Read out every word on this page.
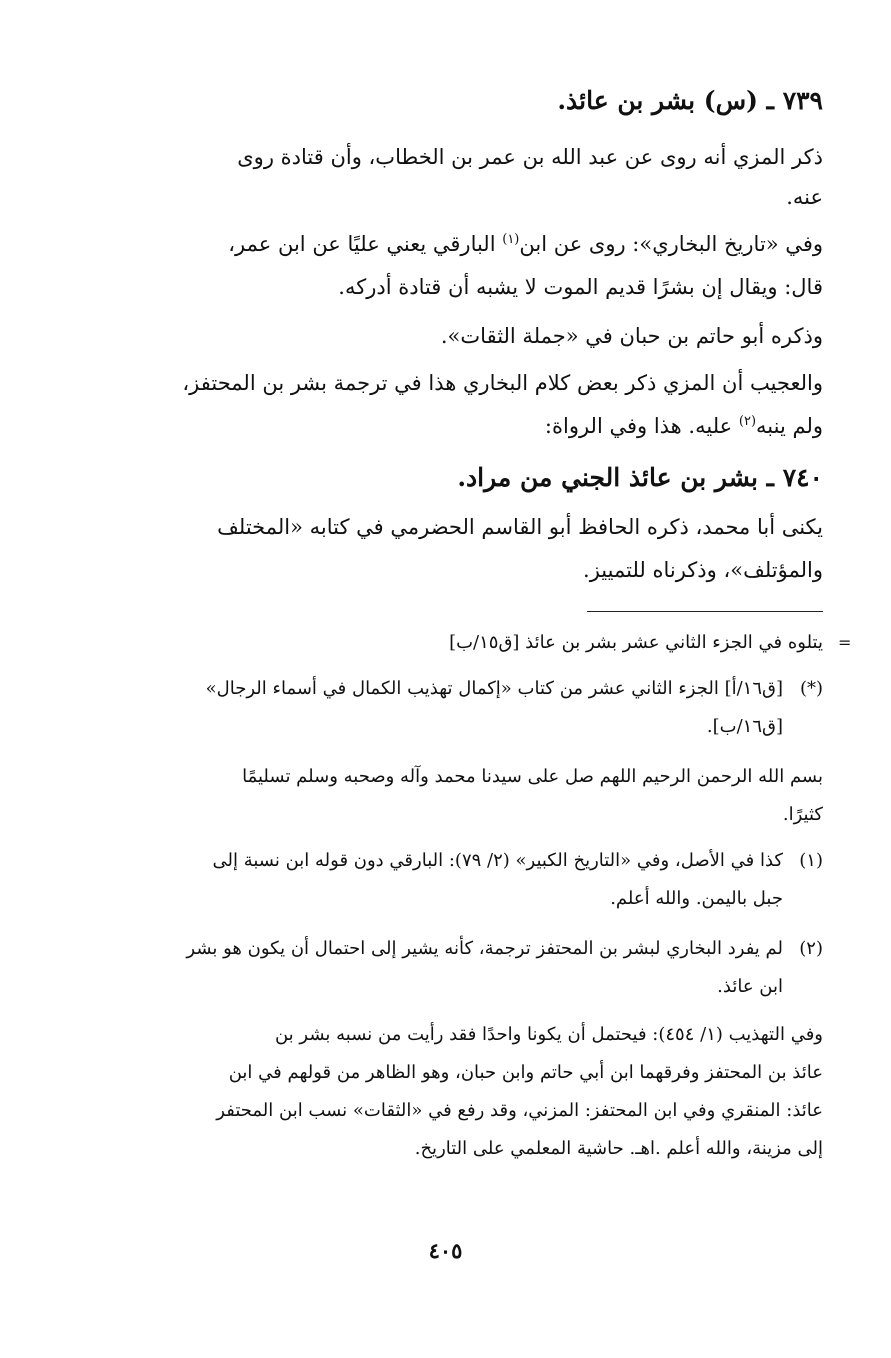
٧٣٩ ـ (س) بشر بن عائذ.
ذكر المزي أنه روى عن عبد الله بن عمر بن الخطاب، وأن قتادة روى
عنه.
وفي «تاريخ البخاري»: روى عن ابن$^{(١)}$ البارقي يعني عليًا عن ابن عمر،
قال: ويقال إن بشرًا قديم الموت لا يشبه أن قتادة أدركه.
وذكره أبو حاتم بن حبان في «جملة الثقات».
والعجيب أن المزي ذكر بعض كلام البخاري هذا في ترجمة بشر بن المحتفز،
ولم ينبه$^{(٢)}$ عليه. هذا وفي الرواة:
٧٤٠ ـ بشر بن عائذ الجني من مراد.
يكنى أبا محمد، ذكره الحافظ أبو القاسم الحضرمي في كتابه «المختلف
والمؤتلف»، وذكرناه للتمييز.
=
يتلوه في الجزء الثاني عشر بشر بن عائذ [ق١٥/ب]
(*)
[ق١٦/أ] الجزء الثاني عشر من كتاب «إكمال تهذيب الكمال في أسماء الرجال»
[ق١٦/ب].
بسم الله الرحمن الرحيم اللهم صل على سيدنا محمد وآله وصحبه وسلم تسليمًا
كثيرًا.
(١)
كذا في الأصل، وفي «التاريخ الكبير» (٢/ ٧٩): البارقي دون قوله ابن نسبة إلى
جبل باليمن. والله أعلم.
(٢)
لم يفرد البخاري لبشر بن المحتفز ترجمة، كأنه يشير إلى احتمال أن يكون هو بشر
ابن عائذ.
وفي التهذيب (١/ ٤٥٤): فيحتمل أن يكونا واحدًا فقد رأيت من نسبه بشر بن
عائذ بن المحتفز وفرقهما ابن أبي حاتم وابن حبان، وهو الظاهر من قولهم في ابن
عائذ: المنقري وفي ابن المحتفز: المزني، وقد رفع في «الثقات» نسب ابن المحتفر
إلى مزينة، والله أعلم .اهـ. حاشية المعلمي على التاريخ.
٤٠٥
